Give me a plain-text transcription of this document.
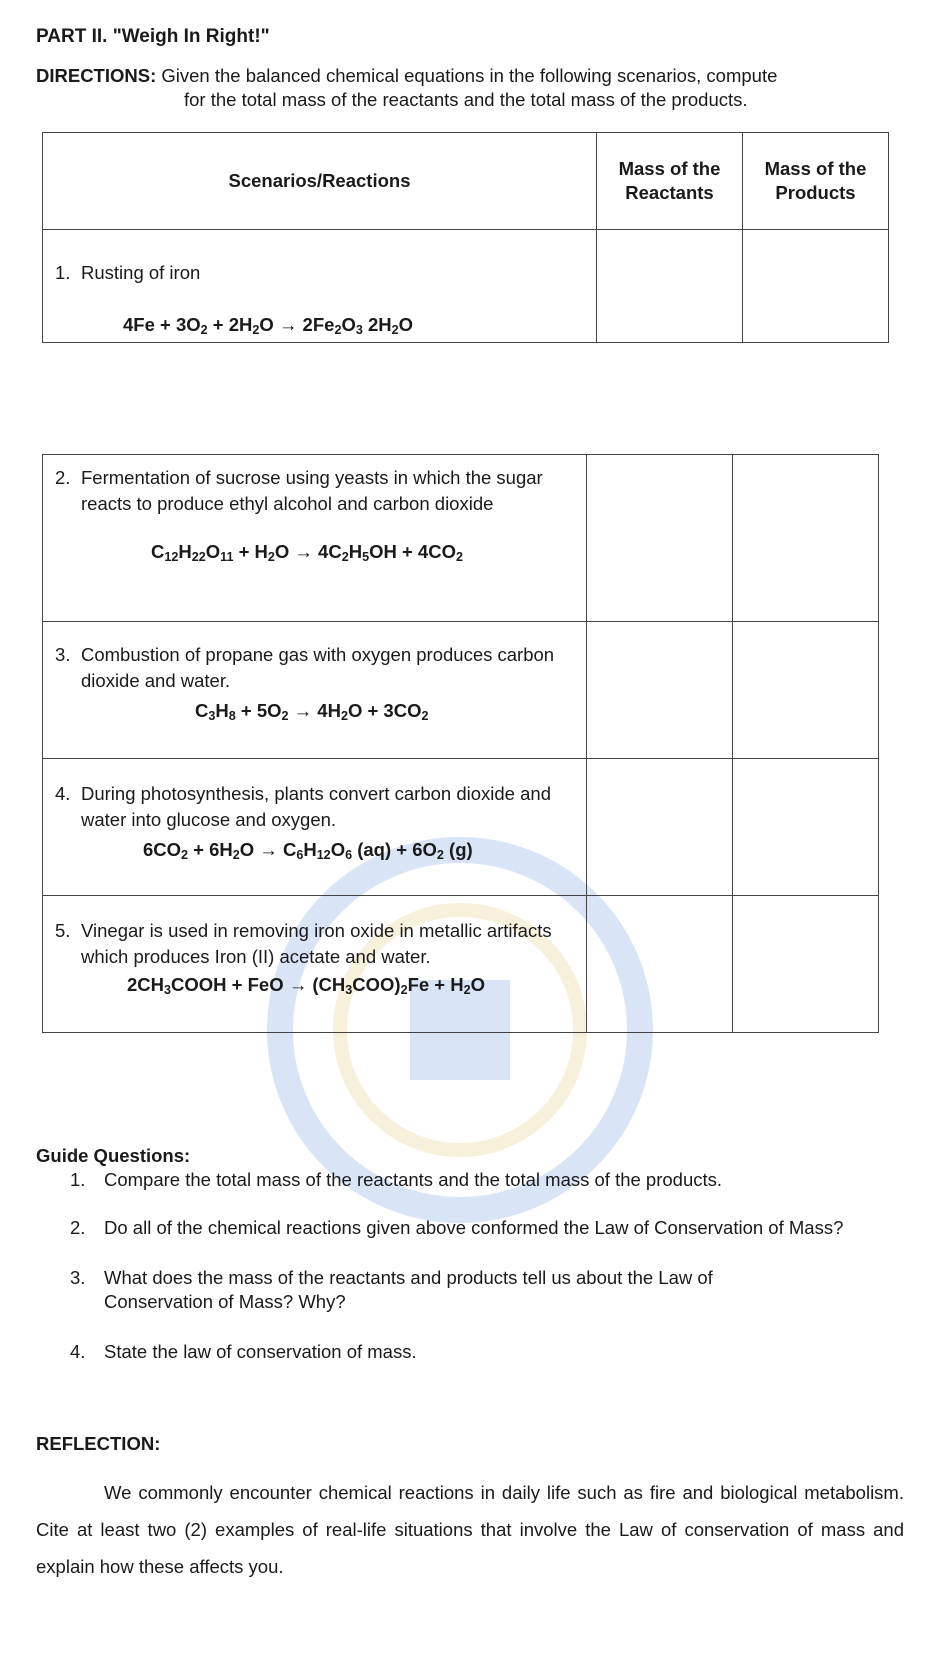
PART II. "Weigh In Right!"
DIRECTIONS: Given the balanced chemical equations in the following scenarios, compute
for the total mass of the reactants and the total mass of the products.
Scenarios/Reactions	Mass of the Reactants	Mass of the Products

1. Rusting of iron
$4Fe + 3O_2 + 2H_2O \to 2Fe_2O_3$ $2H_2O$		

2. Fermentation of sucrose using yeasts in which the sugar reacts to produce ethyl alcohol and carbon dioxide
$C_{12}H_{22}O_{11} + H_2O \to 4C_2H_5OH + 4CO_2$

3. Combustion of propane gas with oxygen produces carbon dioxide and water.
$C_3H_8 + 5O_2 \to 4H_2O + 3CO_2$

4. During photosynthesis, plants convert carbon dioxide and water into glucose and oxygen.
$6CO_2 + 6H_2O \to C_6H_{12}O_6$ $(aq) + 6O_2$ (g)		

5. Vinegar is used in removing iron oxide in metallic artifacts which produces Iron (II) acetate and water.
$2CH_3COOH$ + FeO → $(CH_3COO)_2Fe + H_2O$		

Guide Questions:
1.	Compare the total mass of the reactants and the total mass of the products.
2.	Do all of the chemical reactions given above conformed the Law of Conservation of Mass?
3.	What does the mass of the reactants and products tell us about the Law of Conservation of Mass? Why?
4.	State the law of conservation of mass.
REFLECTION:
We commonly encounter chemical reactions in daily life such as fire and biological metabolism. Cite at least two (2) examples of real-life situations that involve the Law of conservation of mass and explain how these affects you.
